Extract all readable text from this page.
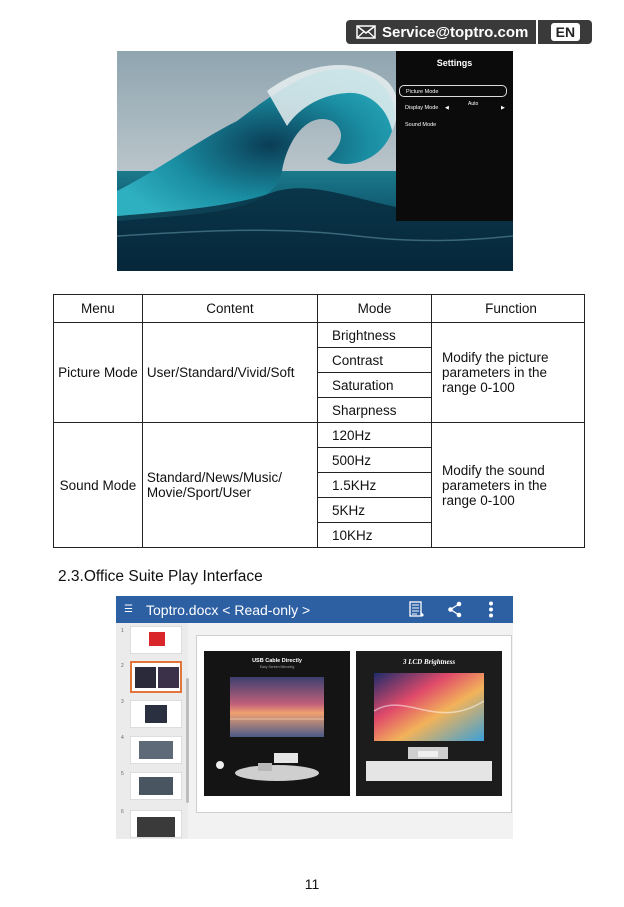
Service@toptro.com	EN
Settings
Picture Mode
Display Mode ◀
Auto
▶
Sound Mode
Menu	Content	Mode	Function
Picture Mode	User/Standard/Vivid/Soft	Brightness	Modify the picture parameters in the range 0-100
		Contrast	
		Saturation	
		Sharpness	
Sound Mode	Standard/News/Music/ Movie/Sport/User	120Hz	Modify the sound parameters in the range 0-100
		500Hz	
		1.5KHz	
		5KHz	
		10KHz	
2.3.Office Suite Play Interface
☰ Toptro.docx < Read-only >
1
2
3
4
5
6
USB Cable Directly
Easy Screen Mirroring
3 LCD Brightness
11
